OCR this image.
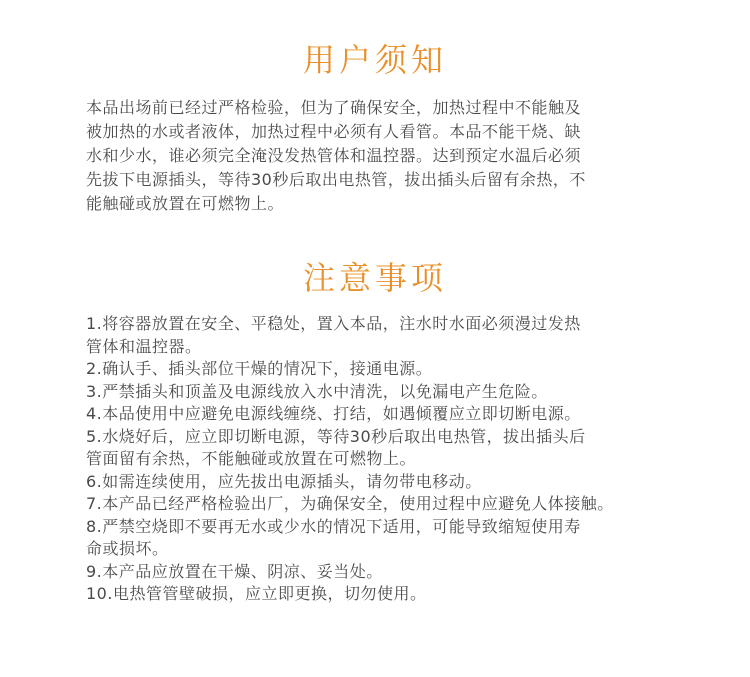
用户须知

本品出场前已经过严格检验，但为了确保安全，加热过程中不能触及
被加热的水或者液体，加热过程中必须有人看管。本品不能干烧、缺
水和少水，谁必须完全淹没发热管体和温控器。达到预定水温后必须
先拔下电源插头，等待30秒后取出电热管，拔出插头后留有余热，不
能触碰或放置在可燃物上。

注意事项
1.将容器放置在安全、平稳处，置入本品，注水时水面必须漫过发热
管体和温控器。
2.确认手、插头部位干燥的情况下，接通电源。
3.严禁插头和顶盖及电源线放入水中清洗，以免漏电产生危险。
4.本品使用中应避免电源线缠绕、打结，如遇倾覆应立即切断电源。
5.水烧好后，应立即切断电源，等待30秒后取出电热管，拔出插头后
管面留有余热，不能触碰或放置在可燃物上。
6.如需连续使用，应先拔出电源插头，请勿带电移动。
7.本产品已经严格检验出厂，为确保安全，使用过程中应避免人体接触。
8.严禁空烧即不要再无水或少水的情况下适用，可能导致缩短使用寿
命或损坏。
9.本产品应放置在干燥、阴凉、妥当处。
10.电热管管壁破损，应立即更换，切勿使用。
